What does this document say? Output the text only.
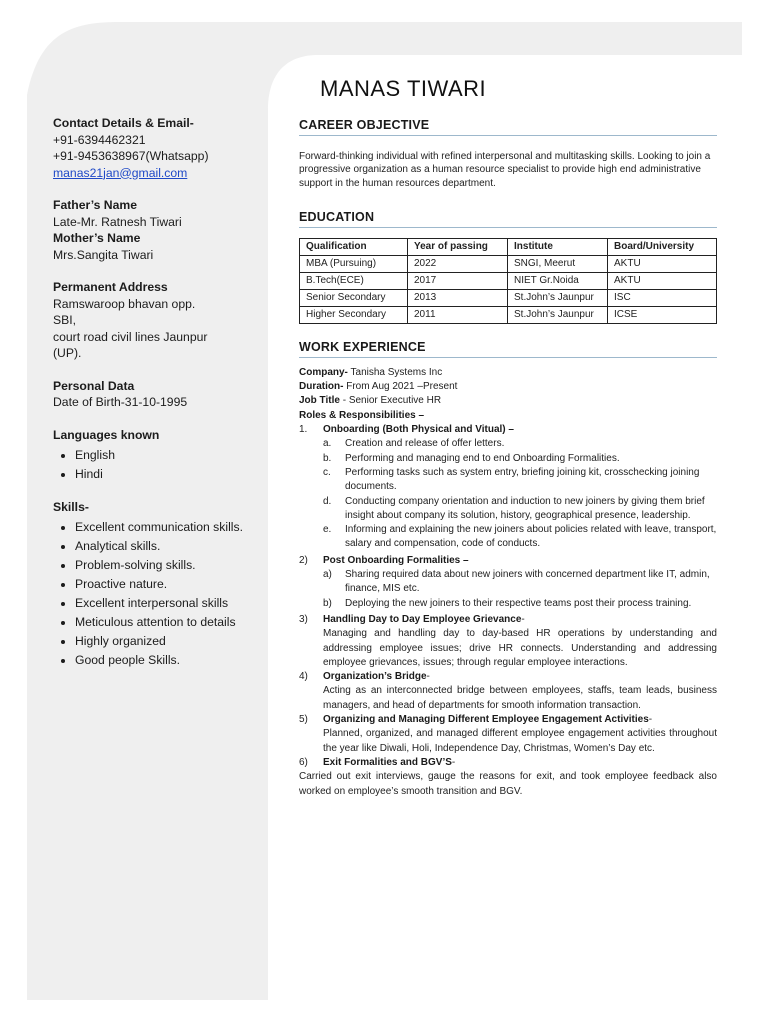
MANAS TIWARI
Contact Details & Email-
+91-6394462321
+91-9453638967(Whatsapp)
manas21jan@gmail.com
Father’s Name
Late-Mr. Ratnesh Tiwari
Mother’s Name
Mrs.Sangita Tiwari
Permanent Address
Ramswaroop bhavan opp.
SBI,
court road civil lines Jaunpur
(UP).
Personal Data
Date of Birth-31-10-1995
Languages known
• English
• Hindi
Skills-
• Excellent communication skills.
• Analytical skills.
• Problem-solving skills.
• Proactive nature.
• Excellent interpersonal skills
• Meticulous attention to details
• Highly organized
• Good people Skills.
CAREER OBJECTIVE
Forward-thinking individual with refined interpersonal and multitasking skills. Looking to join a progressive organization as a human resource specialist to provide high end administrative support in the human resources department.
EDUCATION
Qualification	Year of passing	Institute	Board/University
MBA (Pursuing)	2022	SNGI, Meerut	AKTU
B.Tech(ECE)	2017	NIET Gr.Noida	AKTU
Senior Secondary	2013	St.John’s Jaunpur	ISC
Higher Secondary	2011	St.John’s Jaunpur	ICSE
WORK EXPERIENCE
Company- Tanisha Systems Inc
Duration- From Aug 2021 –Present
Job Title - Senior Executive HR
Roles & Responsibilities –
1.	Onboarding (Both Physical and Vitual) –
a.	Creation and release of offer letters.
b.	Performing and managing end to end Onboarding Formalities.
c.	Performing tasks such as system entry, briefing joining kit, crosschecking joining documents.
d.	Conducting company orientation and induction to new joiners by giving them brief insight about company its solution, history, geographical presence, leadership.
e.	Informing and explaining the new joiners about policies related with leave, transport, salary and compensation, code of conducts.
2)	Post Onboarding Formalities –
a)	Sharing required data about new joiners with concerned department like IT, admin, finance, MIS etc.
b)	Deploying the new joiners to their respective teams post their process training.
3)	Handling Day to Day Employee Grievance-
Managing and handling day to day-based HR operations by understanding and addressing employee issues; drive HR connects. Understanding and addressing employee grievances, issues; through regular employee interactions.
4)	Organization’s Bridge-
Acting as an interconnected bridge between employees, staffs, team leads, business managers, and head of departments for smooth information transaction.
5)	Organizing and Managing Different Employee Engagement Activities-
Planned, organized, and managed different employee engagement activities throughout the year like Diwali, Holi, Independence Day, Christmas, Women’s Day etc.
6)	Exit Formalities and BGV’S-
Carried out exit interviews, gauge the reasons for exit, and took employee feedback also worked on employee’s smooth transition and BGV.
